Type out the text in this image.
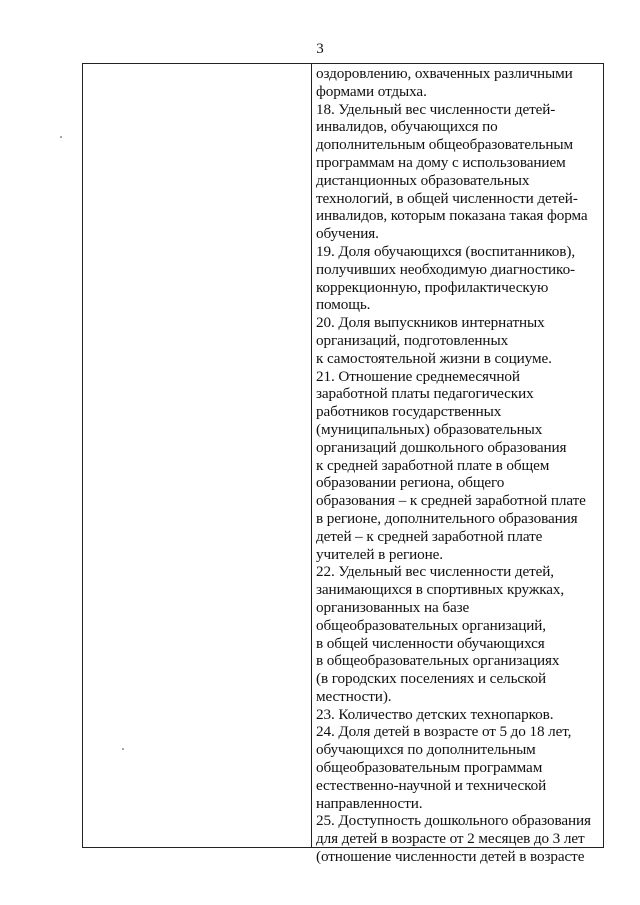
3

оздоровлению, охваченных различными
формами отдыха.

18. Удельный вес численности детей-
инвалидов, обучающихся по
дополнительным общеобразовательным
программам на дому с использованием
дистанционных образовательных
технологий, в общей численности детей-
инвалидов, которым показана такая форма
обучения.

19. Доля обучающихся (воспитанников),
получивших необходимую диагностико-
коррекционную, профилактическую
помощь.

20. Доля выпускников интернатных
организаций, подготовленных
к самостоятельной жизни в социуме.

21. Отношение среднемесячной
заработной платы педагогических
работников государственных
(муниципальных) образовательных
организаций дошкольного образования
к средней заработной плате в общем
образовании региона, общего
образования – к средней заработной плате
в регионе, дополнительного образования
детей – к средней заработной плате
учителей в регионе.

22. Удельный вес численности детей,
занимающихся в спортивных кружках,
организованных на базе
общеобразовательных организаций,
в общей численности обучающихся
в общеобразовательных организациях
(в городских поселениях и сельской
местности).

23. Количество детских технопарков.

24. Доля детей в возрасте от 5 до 18 лет,
обучающихся по дополнительным
общеобразовательным программам
естественно-научной и технической
направленности.

25. Доступность дошкольного образования
для детей в возрасте от 2 месяцев до 3 лет
(отношение численности детей в возрасте
